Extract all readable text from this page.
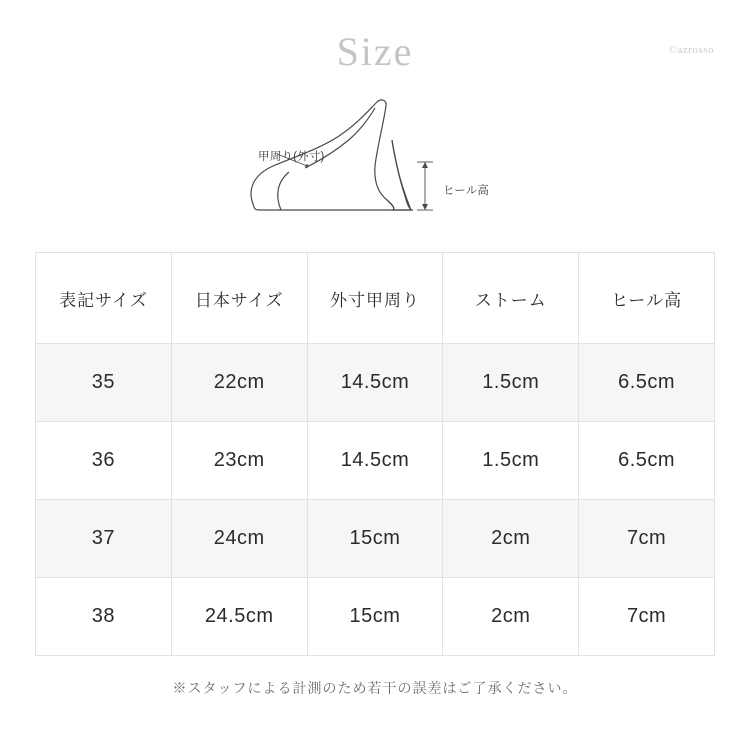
Size	©azrosso
甲周り(外寸)
ヒール高
表記サイズ	日本サイズ	外寸甲周り	ストーム	ヒール高
35	22cm	14.5cm	1.5cm	6.5cm
36	23cm	14.5cm	1.5cm	6.5cm
37	24cm	15cm	2cm	7cm
38	24.5cm	15cm	2cm	7cm
※スタッフによる計測のため若干の誤差はご了承ください。
